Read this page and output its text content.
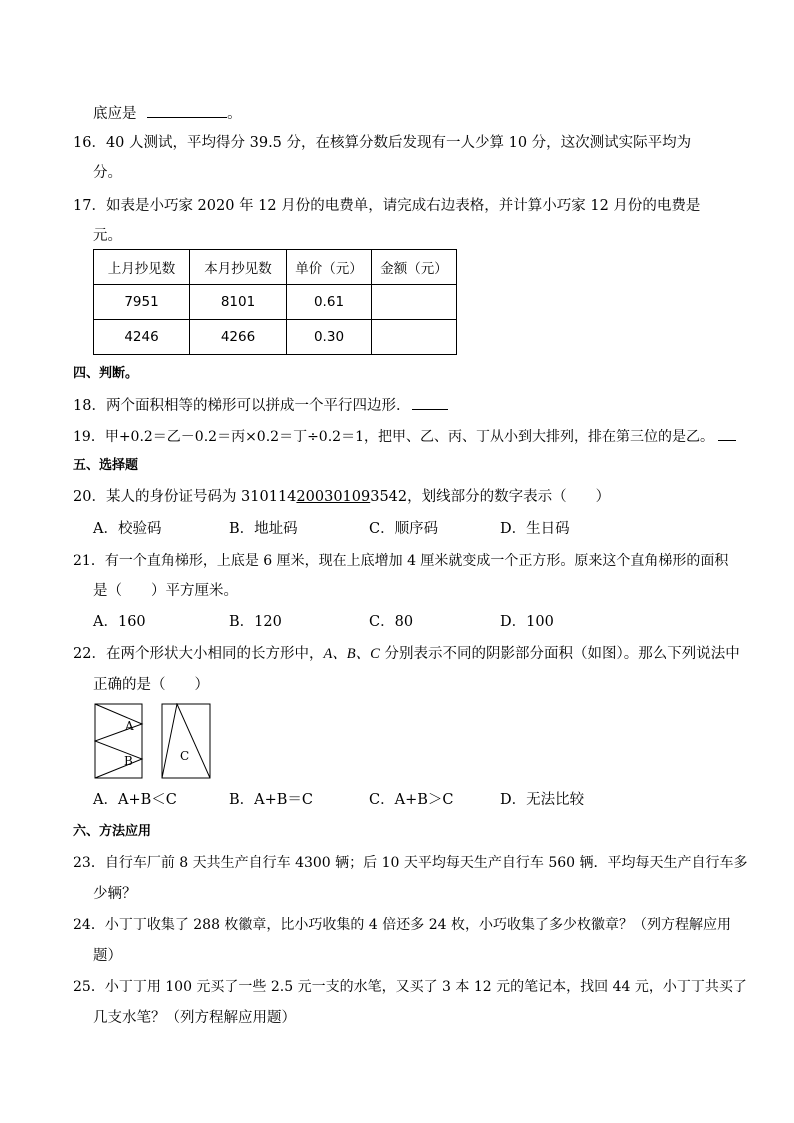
底应是	。
16．40 人测试，平均得分 39.5 分，在核算分数后发现有一人少算 10 分，这次测试实际平均为
分。
17．如表是小巧家 2020 年 12 月份的电费单，请完成右边表格，并计算小巧家 12 月份的电费是
元。
上月抄见数	本月抄见数	单价（元）	金额（元）
7951	8101	0.61	
4246	4266	0.30	
四、判断。
18．两个面积相等的梯形可以拼成一个平行四边形．
19．甲+0.2＝乙－0.2＝丙×0.2＝丁÷0.2＝1，把甲、乙、丙、丁从小到大排列，排在第三位的是乙。
五、选择题
20．某人的身份证号码为 310114200301093542，划线部分的数字表示（　　）
A．校验码	B．地址码	C．顺序码	D．生日码
21．有一个直角梯形，上底是 6 厘米，现在上底增加 4 厘米就变成一个正方形。原来这个直角梯形的面积
是（　　）平方厘米。
A．160	B．120	C．80	D．100
22．在两个形状大小相同的长方形中，A、B、C 分别表示不同的阴影部分面积（如图）。那么下列说法中
正确的是（　　）
A
B	C
A．A+B＜C	B．A+B＝C	C．A+B＞C	D．无法比较
六、方法应用
23．自行车厂前 8 天共生产自行车 4300 辆；后 10 天平均每天生产自行车 560 辆．平均每天生产自行车多
少辆？
24．小丁丁收集了 288 枚徽章，比小巧收集的 4 倍还多 24 枚，小巧收集了多少枚徽章？（列方程解应用
题）
25．小丁丁用 100 元买了一些 2.5 元一支的水笔，又买了 3 本 12 元的笔记本，找回 44 元，小丁丁共买了
几支水笔？（列方程解应用题）
